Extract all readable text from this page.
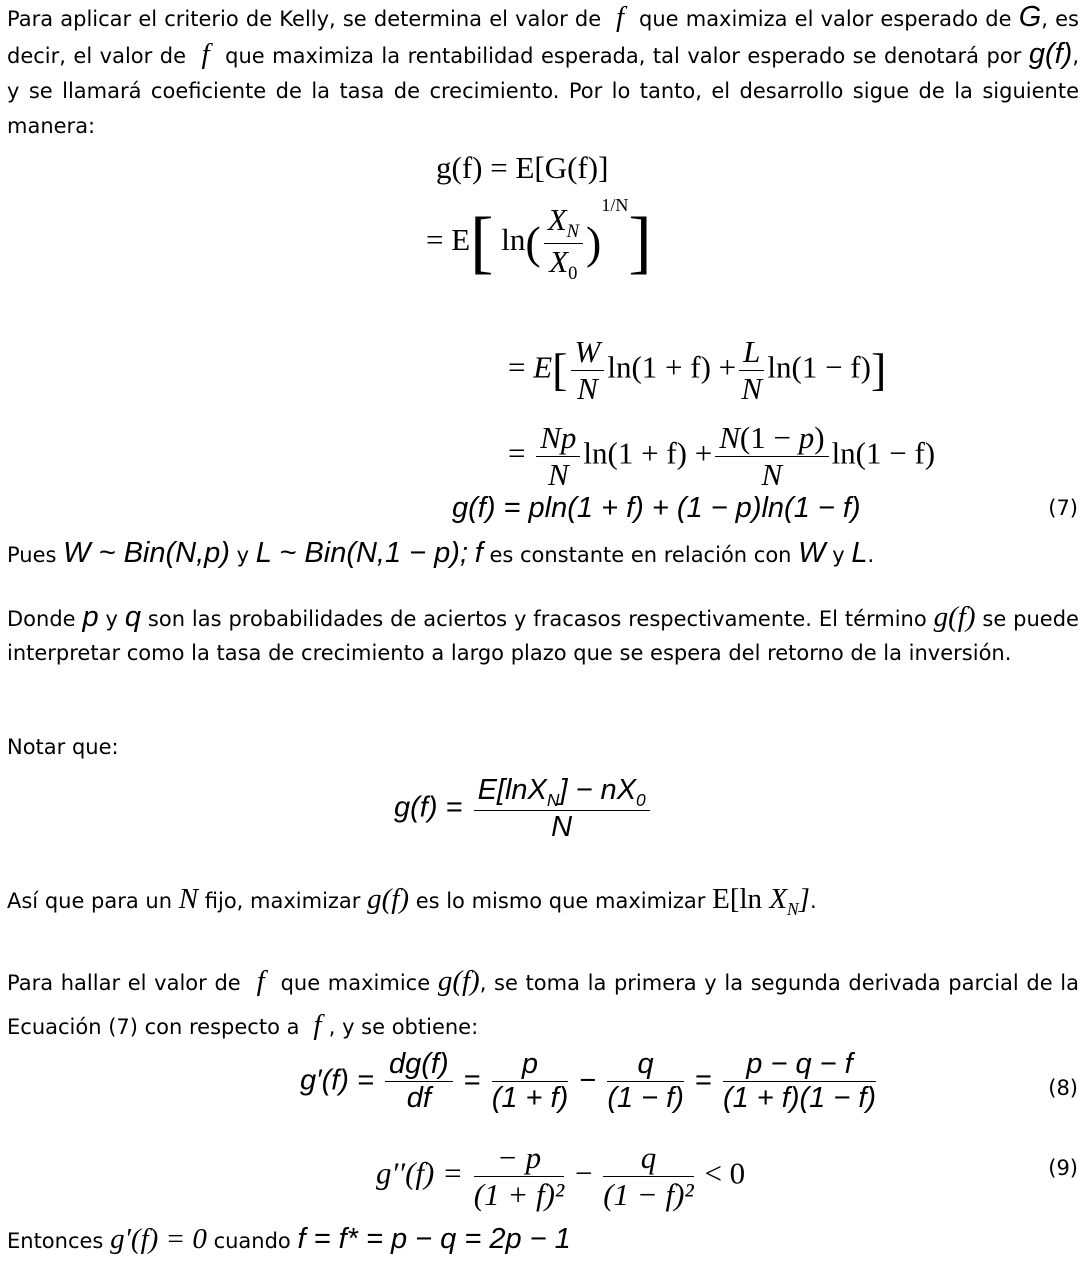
Para aplicar el criterio de Kelly, se determina el valor de  f  que maximiza el valor esperado de G, es decir, el valor de  f  que maximiza la rentabilidad esperada, tal valor esperado se denotará por g(f), y se llamará coeficiente de la tasa de crecimiento. Por lo tanto, el desarrollo sigue de la siguiente manera:
g(f) = E[G(f)]
= E[ $\ln( \frac{X_N}{X_0} )^{1/N}$]
= $E[ \frac{W}{N} \ln(1 + f) + \frac{L}{N} \ln(1 - f)]$
= $\frac{Np}{N} \ln(1 + f) + \frac{N(1 - p)}{N} \ln(1 - f)$
g(f) = pln(1 + f) + (1 − p)ln(1 − f)	(7)
Pues W ~ Bin(N,p) y L ~ Bin(N,1 − p); f es constante en relación con W y L.
Donde p y q son las probabilidades de aciertos y fracasos respectivamente. El término g(f) se puede interpretar como la tasa de crecimiento a largo plazo que se espera del retorno de la inversión.
Notar que:
$g(f) = \frac{E[\ln X_N] - nX_0}{N}$
Así que para un N fijo, maximizar g(f) es lo mismo que maximizar E[ln $X_N$].
Para hallar el valor de  f  que maximice g(f), se toma la primera y la segunda derivada parcial de la Ecuación (7) con respecto a  f , y se obtiene:
$g'(f) = \frac{dg(f)}{df} = \frac{p}{(1 + f)} - \frac{q}{(1 - f)} = \frac{p - q - f}{(1 + f)(1 - f)}$	(8)
$g''(f) = \frac{- p}{\text{(1 + f)²}} - \frac{q}{\text{(1 − f)²}} < 0$	(9)
Entonces g′(f) = 0 cuando f = f* = p − q = 2p − 1
